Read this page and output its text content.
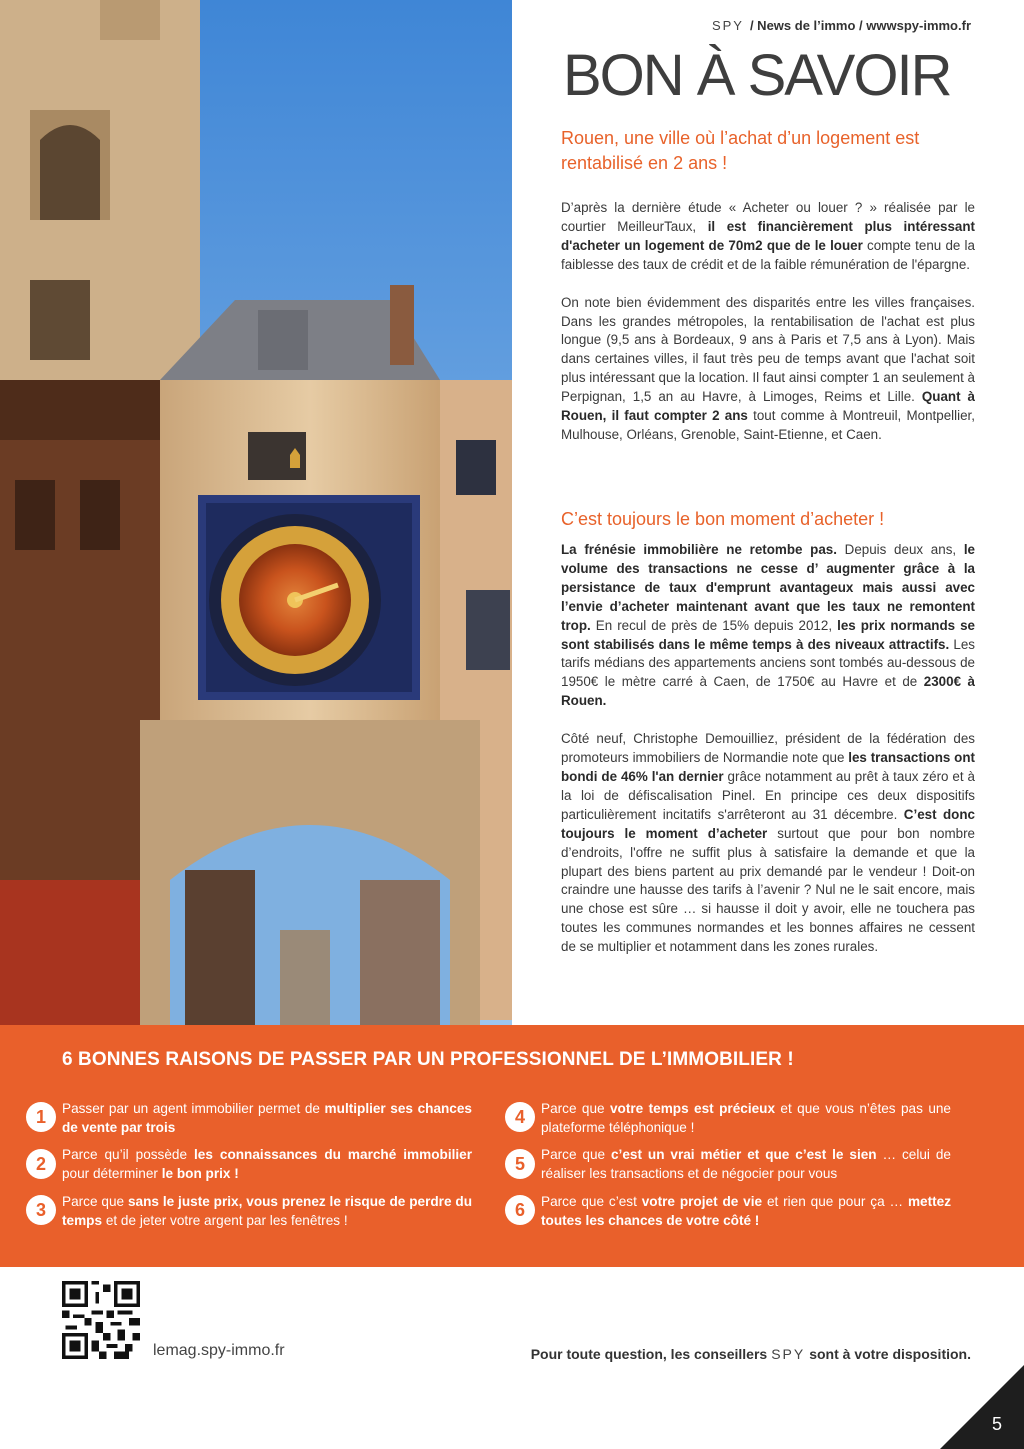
SPY / News de l’immo / wwwspy-immo.fr
BON À SAVOIR
Rouen, une ville où l’achat d’un logement est rentabilisé en 2 ans !
D’après la dernière étude « Acheter ou louer ? » réalisée par le courtier MeilleurTaux, il est financièrement plus intéressant d'acheter un logement de 70m2 que de le louer compte tenu de la faiblesse des taux de crédit et de la faible rémunération de l'épargne.
On note bien évidemment des disparités entre les villes françaises. Dans les grandes métropoles, la rentabilisation de l'achat est plus longue (9,5 ans à Bordeaux, 9 ans à Paris et 7,5 ans à Lyon). Mais dans certaines villes, il faut très peu de temps avant que l'achat soit plus intéressant que la location. Il faut ainsi compter 1 an seulement à Perpignan, 1,5 an au Havre, à Limoges, Reims et Lille. Quant à Rouen, il faut compter 2 ans tout comme à Montreuil, Montpellier, Mulhouse, Orléans, Grenoble, Saint-Etienne, et Caen.
C’est toujours le bon moment d’acheter !
La frénésie immobilière ne retombe pas. Depuis deux ans, le volume des transactions ne cesse d’ augmenter grâce à la persistance de taux d'emprunt avantageux mais aussi avec l’envie d’acheter maintenant avant que les taux ne remontent trop. En recul de près de 15% depuis 2012, les prix normands se sont stabilisés dans le même temps à des niveaux attractifs. Les tarifs médians des appartements anciens sont tombés au-dessous de 1950€ le mètre carré à Caen, de 1750€ au Havre et de 2300€ à Rouen.
Côté neuf, Christophe Demouilliez, président de la fédération des promoteurs immobiliers de Normandie note que les transactions ont bondi de 46% l'an dernier grâce notamment au prêt à taux zéro et à la loi de défiscalisation Pinel. En principe ces deux dispositifs particulièrement incitatifs s'arrêteront au 31 décembre. C’est donc toujours le moment d’acheter surtout que pour bon nombre d’endroits, l'offre ne suffit plus à satisfaire la demande et que la plupart des biens partent au prix demandé par le vendeur ! Doit-on craindre une hausse des tarifs à l’avenir ? Nul ne le sait encore, mais une chose est sûre … si hausse il doit y avoir, elle ne touchera pas toutes les communes normandes et les bonnes affaires ne cessent de se multiplier et notamment dans les zones rurales.
6 BONNES RAISONS DE PASSER PAR UN PROFESSIONNEL DE L’IMMOBILIER !
1	Passer par un agent immobilier permet de multiplier ses chances de vente par trois
2	Parce qu’il possède les connaissances du marché immobilier pour déterminer le bon prix !
3	Parce que sans le juste prix, vous prenez le risque de perdre du temps et de jeter votre argent par les fenêtres !
4	Parce que votre temps est précieux et que vous n’êtes pas une plateforme téléphonique !
5	Parce que c’est un vrai métier et que c’est le sien … celui de réaliser les transactions et de négocier pour vous
6	Parce que c’est votre projet de vie et rien que pour ça … mettez toutes les chances de votre côté !
lemag.spy-immo.fr	Pour toute question, les conseillers SPY sont à votre disposition.
5
